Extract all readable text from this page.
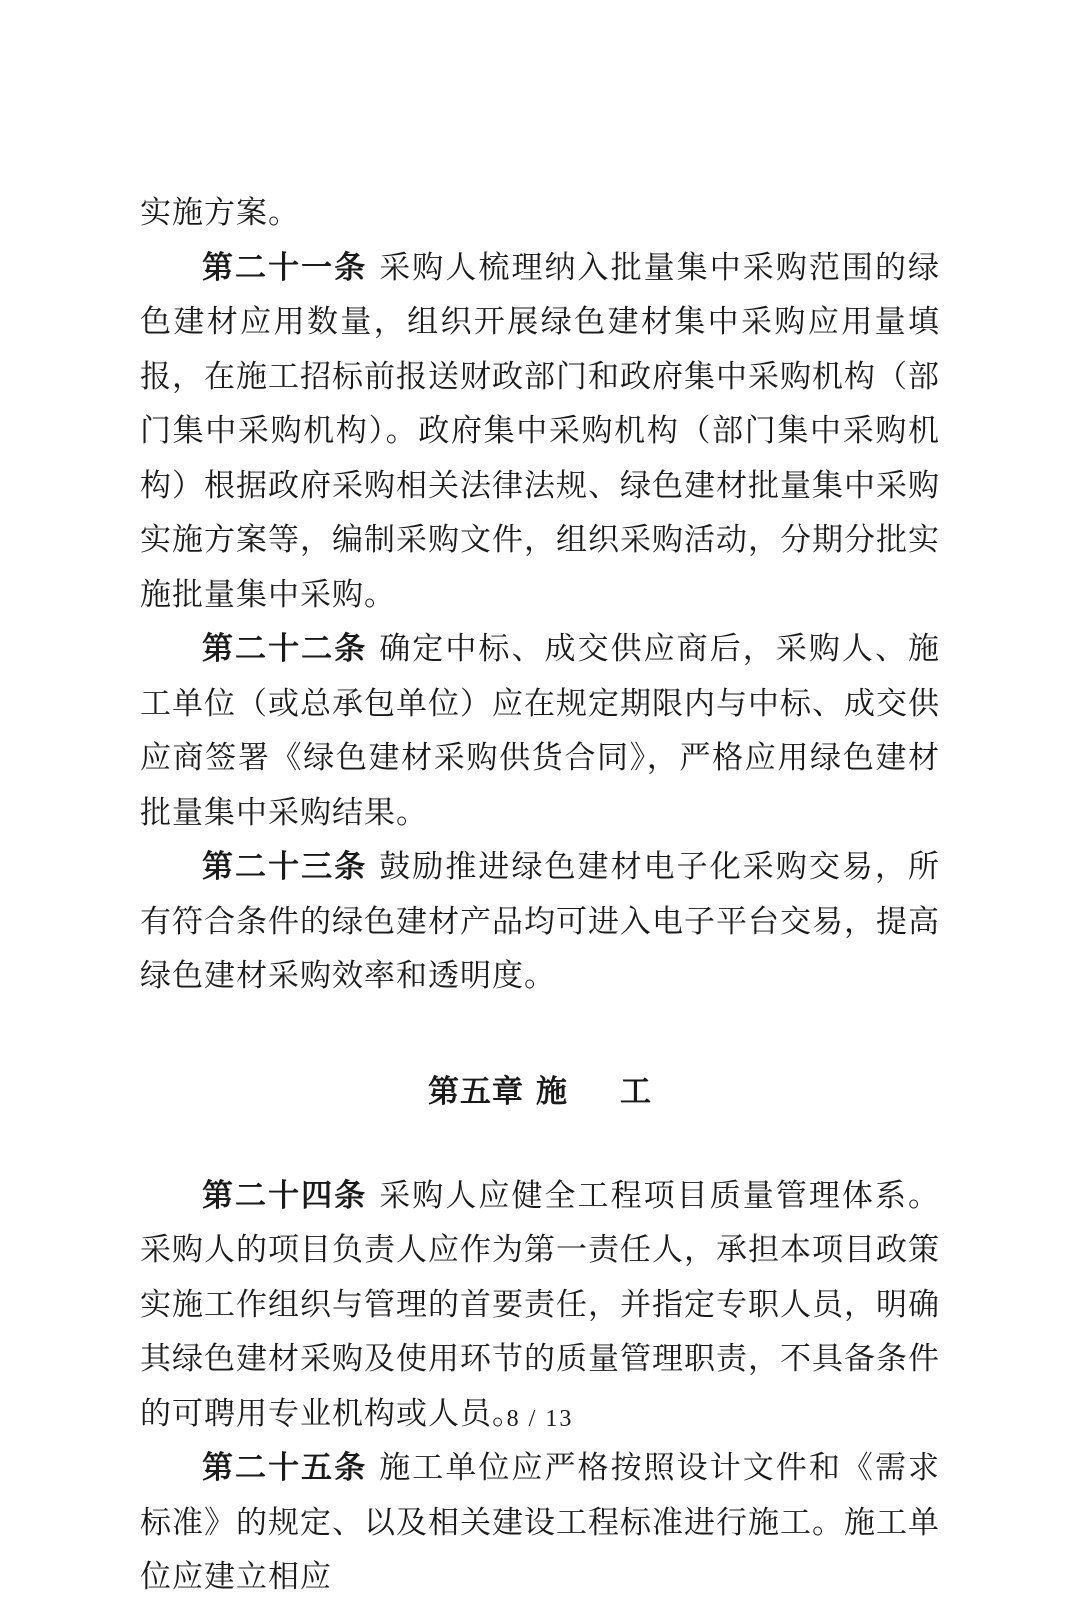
实施方案。

第二十一条 采购人梳理纳入批量集中采购范围的绿色建材应用数量，组织开展绿色建材集中采购应用量填报，在施工招标前报送财政部门和政府集中采购机构（部门集中采购机构）。政府集中采购机构（部门集中采购机构）根据政府采购相关法律法规、绿色建材批量集中采购实施方案等，编制采购文件，组织采购活动，分期分批实施批量集中采购。

第二十二条 确定中标、成交供应商后，采购人、施工单位（或总承包单位）应在规定期限内与中标、成交供应商签署《绿色建材采购供货合同》，严格应用绿色建材批量集中采购结果。

第二十三条 鼓励推进绿色建材电子化采购交易，所有符合条件的绿色建材产品均可进入电子平台交易，提高绿色建材采购效率和透明度。

第五章 施 工

第二十四条 采购人应健全工程项目质量管理体系。采购人的项目负责人应作为第一责任人，承担本项目政策实施工作组织与管理的首要责任，并指定专职人员，明确其绿色建材采购及使用环节的质量管理职责，不具备条件的可聘用专业机构或人员。

第二十五条 施工单位应严格按照设计文件和《需求标准》的规定、以及相关建设工程标准进行施工。施工单位应建立相应

8 / 13
